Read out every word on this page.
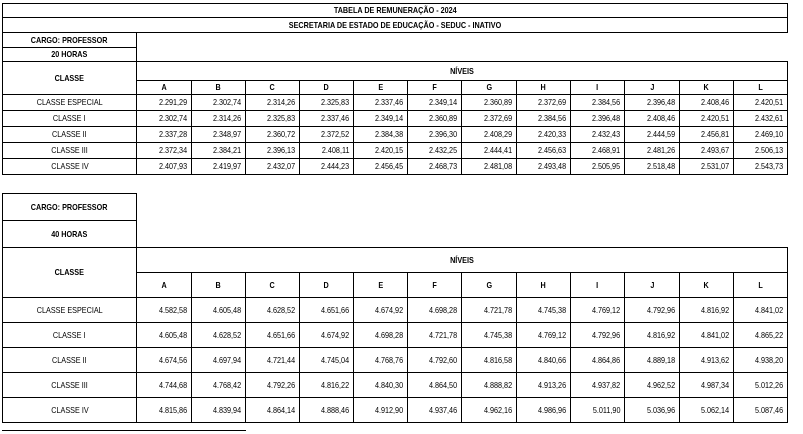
TABELA DE REMUNERAÇÃO - 2024												
SECRETARIA DE ESTADO DE EDUCAÇÃO - SEDUC - INATIVO												
CARGO: PROFESSOR												
20 HORAS												
CLASSE	NÍVEIS											
	A	B	C	D	E	F	G	H	I	J	K	L
CLASSE ESPECIAL	2.291,29	2.302,74	2.314,26	2.325,83	2.337,46	2.349,14	2.360,89	2.372,69	2.384,56	2.396,48	2.408,46	2.420,51
CLASSE I	2.302,74	2.314,26	2.325,83	2.337,46	2.349,14	2.360,89	2.372,69	2.384,56	2.396,48	2.408,46	2.420,51	2.432,61
CLASSE II	2.337,28	2.348,97	2.360,72	2.372,52	2.384,38	2.396,30	2.408,29	2.420,33	2.432,43	2.444,59	2.456,81	2.469,10
CLASSE III	2.372,34	2.384,21	2.396,13	2.408,11	2.420,15	2.432,25	2.444,41	2.456,63	2.468,91	2.481,26	2.493,67	2.506,13
CLASSE IV	2.407,93	2.419,97	2.432,07	2.444,23	2.456,45	2.468,73	2.481,08	2.493,48	2.505,95	2.518,48	2.531,07	2.543,73
CARGO: PROFESSOR												
40 HORAS												
CLASSE	NÍVEIS											
	A	B	C	D	E	F	G	H	I	J	K	L
CLASSE ESPECIAL	4.582,58	4.605,48	4.628,52	4.651,66	4.674,92	4.698,28	4.721,78	4.745,38	4.769,12	4.792,96	4.816,92	4.841,02
CLASSE I	4.605,48	4.628,52	4.651,66	4.674,92	4.698,28	4.721,78	4.745,38	4.769,12	4.792,96	4.816,92	4.841,02	4.865,22
CLASSE II	4.674,56	4.697,94	4.721,44	4.745,04	4.768,76	4.792,60	4.816,58	4.840,66	4.864,86	4.889,18	4.913,62	4.938,20
CLASSE III	4.744,68	4.768,42	4.792,26	4.816,22	4.840,30	4.864,50	4.888,82	4.913,26	4.937,82	4.962,52	4.987,34	5.012,26
CLASSE IV	4.815,86	4.839,94	4.864,14	4.888,46	4.912,90	4.937,46	4.962,16	4.986,96	5.011,90	5.036,96	5.062,14	5.087,46
